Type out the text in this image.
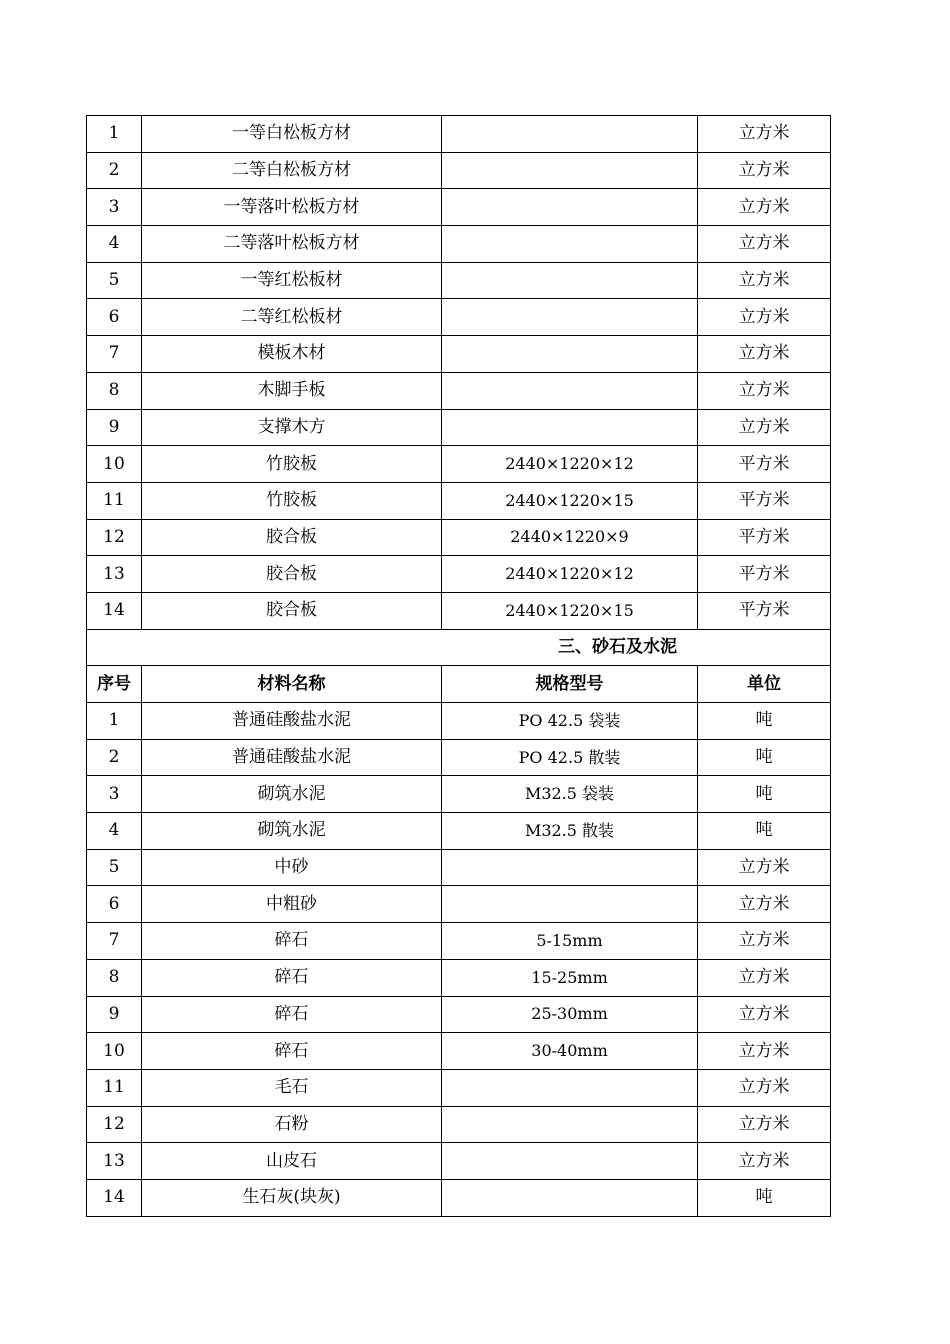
1	一等白松板方材		立方米
2	二等白松板方材		立方米
3	一等落叶松板方材		立方米
4	二等落叶松板方材		立方米
5	一等红松板材		立方米
6	二等红松板材		立方米
7	模板木材		立方米
8	木脚手板		立方米
9	支撑木方		立方米
10	竹胶板	2440×1220×12	平方米
11	竹胶板	2440×1220×15	平方米
12	胶合板	2440×1220×9	平方米
13	胶合板	2440×1220×12	平方米
14	胶合板	2440×1220×15	平方米
三、砂石及水泥			
序号	材料名称	规格型号	单位
1	普通硅酸盐水泥	PO 42.5 袋装	吨
2	普通硅酸盐水泥	PO 42.5 散装	吨
3	砌筑水泥	M32.5 袋装	吨
4	砌筑水泥	M32.5 散装	吨
5	中砂		立方米
6	中粗砂		立方米
7	碎石	5-15mm	立方米
8	碎石	15-25mm	立方米
9	碎石	25-30mm	立方米
10	碎石	30-40mm	立方米
11	毛石		立方米
12	石粉		立方米
13	山皮石		立方米
14	生石灰(块灰)		吨
